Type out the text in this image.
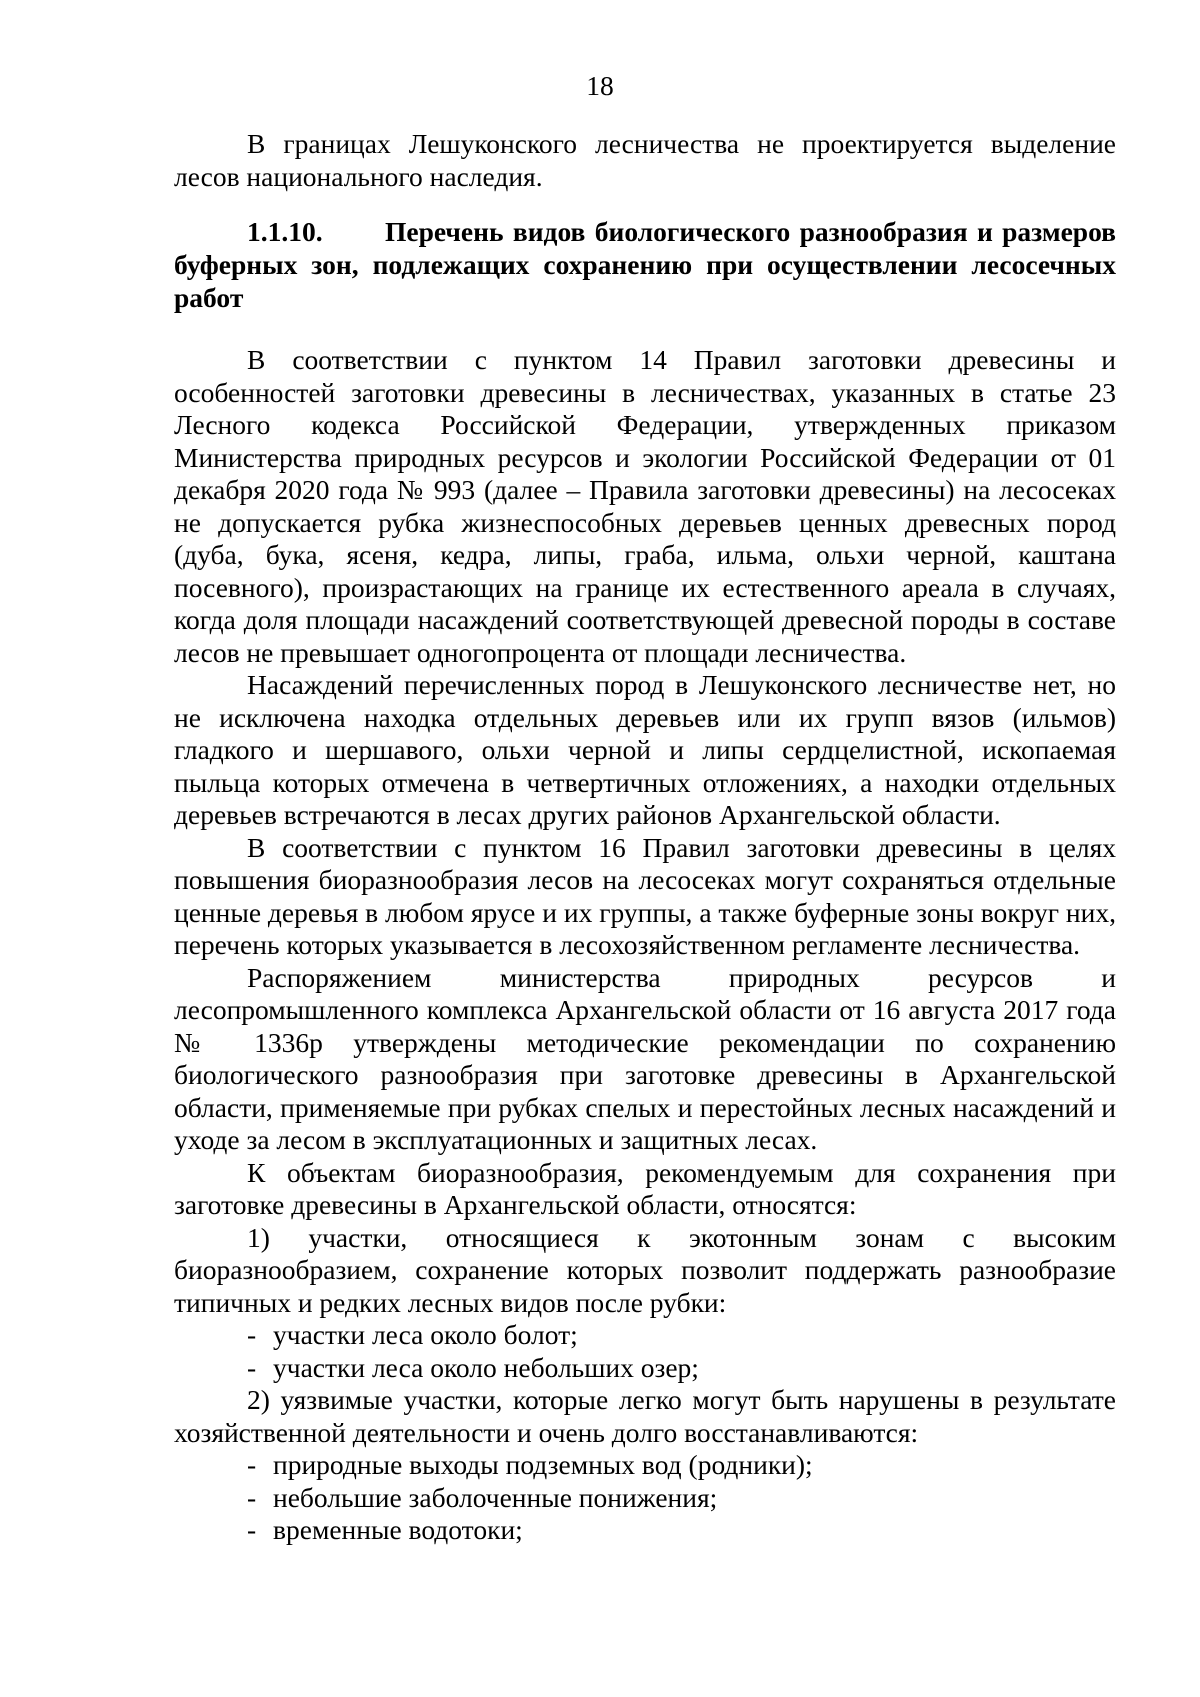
18

В границах Лешуконского лесничества не проектируется выделение лесов национального наследия.

1.1.10. Перечень видов биологического разнообразия и размеров буферных зон, подлежащих сохранению при осуществлении лесосечных работ

В соответствии с пунктом 14 Правил заготовки древесины и особенностей заготовки древесины в лесничествах, указанных в статье 23 Лесного кодекса Российской Федерации, утвержденных приказом Министерства природных ресурсов и экологии Российской Федерации от 01 декабря 2020 года № 993 (далее – Правила заготовки древесины) на лесосеках не допускается рубка жизнеспособных деревьев ценных древесных пород (дуба, бука, ясеня, кедра, липы, граба, ильма, ольхи черной, каштана посевного), произрастающих на границе их естественного ареала в случаях, когда доля площади насаждений соответствующей древесной породы в составе лесов не превышает одногопроцента от площади лесничества.

Насаждений перечисленных пород в Лешуконского лесничестве нет, но не исключена находка отдельных деревьев или их групп вязов (ильмов) гладкого и шершавого, ольхи черной и липы сердцелистной, ископаемая пыльца которых отмечена в четвертичных отложениях, а находки отдельных деревьев встречаются в лесах других районов Архангельской области.

В соответствии с пунктом 16 Правил заготовки древесины в целях повышения биоразнообразия лесов на лесосеках могут сохраняться отдельные ценные деревья в любом ярусе и их группы, а также буферные зоны вокруг них, перечень которых указывается в лесохозяйственном регламенте лесничества.

Распоряжением министерства природных ресурсов и лесопромышленного комплекса Архангельской области от 16 августа 2017 года № 1336р утверждены методические рекомендации по сохранению биологического разнообразия при заготовке древесины в Архангельской области, применяемые при рубках спелых и перестойных лесных насаждений и уходе за лесом в эксплуатационных и защитных лесах.

К объектам биоразнообразия, рекомендуемым для сохранения при заготовке древесины в Архангельской области, относятся:

1) участки, относящиеся к экотонным зонам с высоким биоразнообразием, сохранение которых позволит поддержать разнообразие типичных и редких лесных видов после рубки:

- участки леса около болот;

- участки леса около небольших озер;

2) уязвимые участки, которые легко могут быть нарушены в результате хозяйственной деятельности и очень долго восстанавливаются:

- природные выходы подземных вод (родники);

- небольшие заболоченные понижения;

- временные водотоки;
